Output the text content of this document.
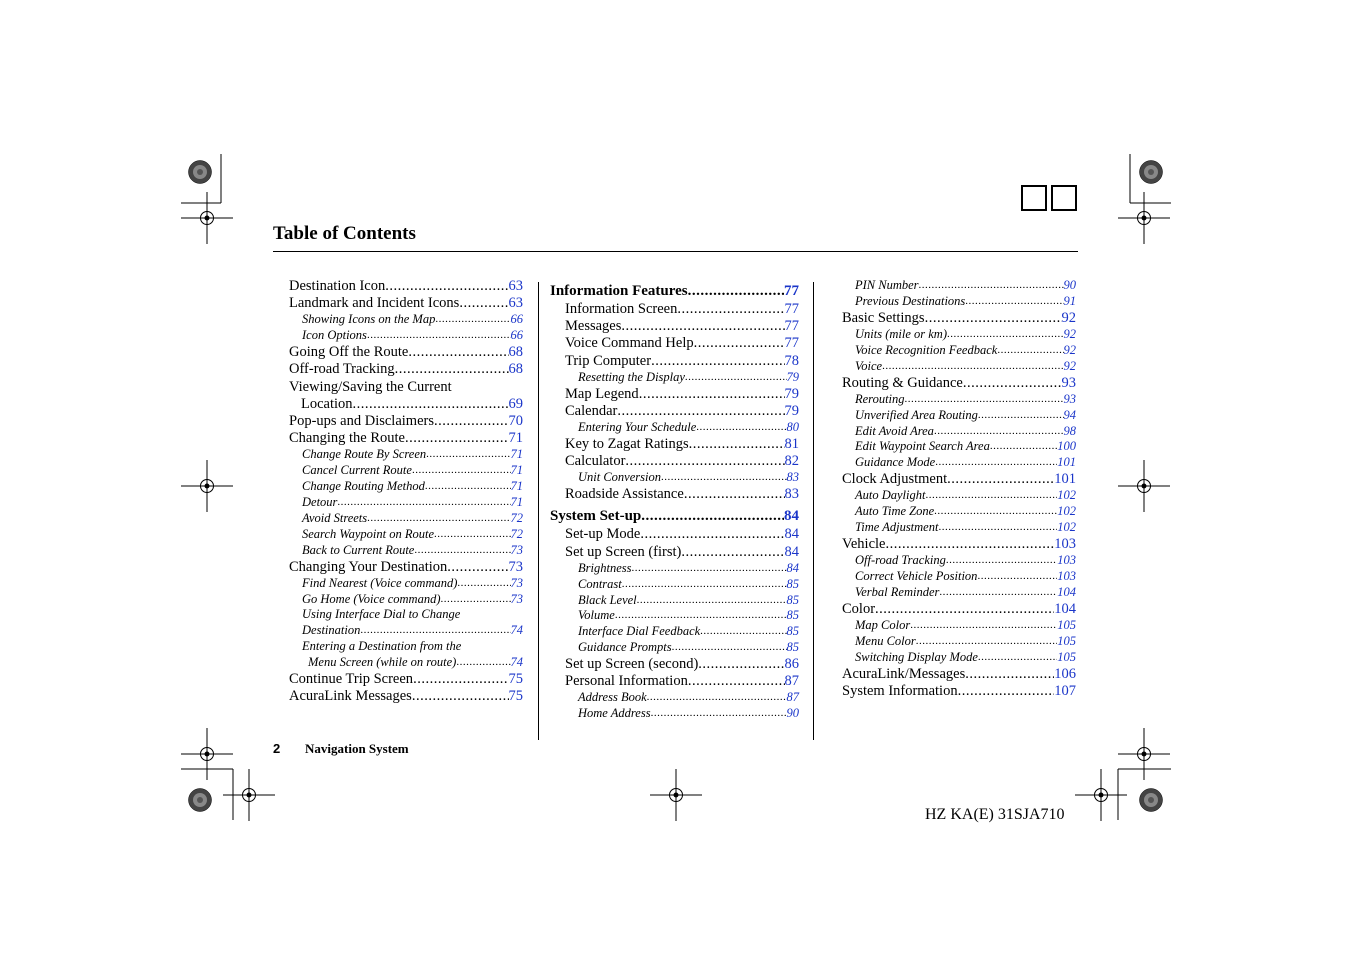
Table of Contents
Destination Icon .....	63
Landmark and Incident Icons .....	63
Showing Icons on the Map .....	66
Icon Options .....	66
Going Off the Route .....	68
Off-road Tracking .....	68
Viewing/Saving the Current
Location .....	69
Pop-ups and Disclaimers .....	70
Changing the Route .....	71
Change Route By Screen .....	71
Cancel Current Route .....	71
Change Routing Method .....	71
Detour .....	71
Avoid Streets .....	72
Search Waypoint on Route .....	72
Back to Current Route .....	73
Changing Your Destination .....	73
Find Nearest (Voice command) .....	73
Go Home (Voice command) .....	73
Using Interface Dial to Change
Destination .....	74
Entering a Destination from the
Menu Screen (while on route) .....	74
Continue Trip Screen .....	75
AcuraLink Messages .....	75
Information Features .....	77
Information Screen .....	77
Messages .....	77
Voice Command Help .....	77
Trip Computer .....	78
Resetting the Display .....	79
Map Legend .....	79
Calendar .....	79
Entering Your Schedule .....	80
Key to Zagat Ratings .....	81
Calculator .....	82
Unit Conversion .....	83
Roadside Assistance .....	83
System Set-up .....	84
Set-up Mode .....	84
Set up Screen (first) .....	84
Brightness .....	84
Contrast .....	85
Black Level .....	85
Volume .....	85
Interface Dial Feedback .....	85
Guidance Prompts .....	85
Set up Screen (second) .....	86
Personal Information .....	87
Address Book .....	87
Home Address .....	90
PIN Number .....	90
Previous Destinations .....	91
Basic Settings .....	92
Units (mile or km) .....	92
Voice Recognition Feedback .....	92
Voice .....	92
Routing & Guidance .....	93
Rerouting .....	93
Unverified Area Routing .....	94
Edit Avoid Area .....	98
Edit Waypoint Search Area .....	100
Guidance Mode .....	101
Clock Adjustment .....	101
Auto Daylight .....	102
Auto Time Zone .....	102
Time Adjustment .....	102
Vehicle .....	103
Off-road Tracking .....	103
Correct Vehicle Position .....	103
Verbal Reminder .....	104
Color .....	104
Map Color .....	105
Menu Color .....	105
Switching Display Mode .....	105
AcuraLink/Messages .....	106
System Information .....	107
2 Navigation System
HZ KA(E) 31SJA710
